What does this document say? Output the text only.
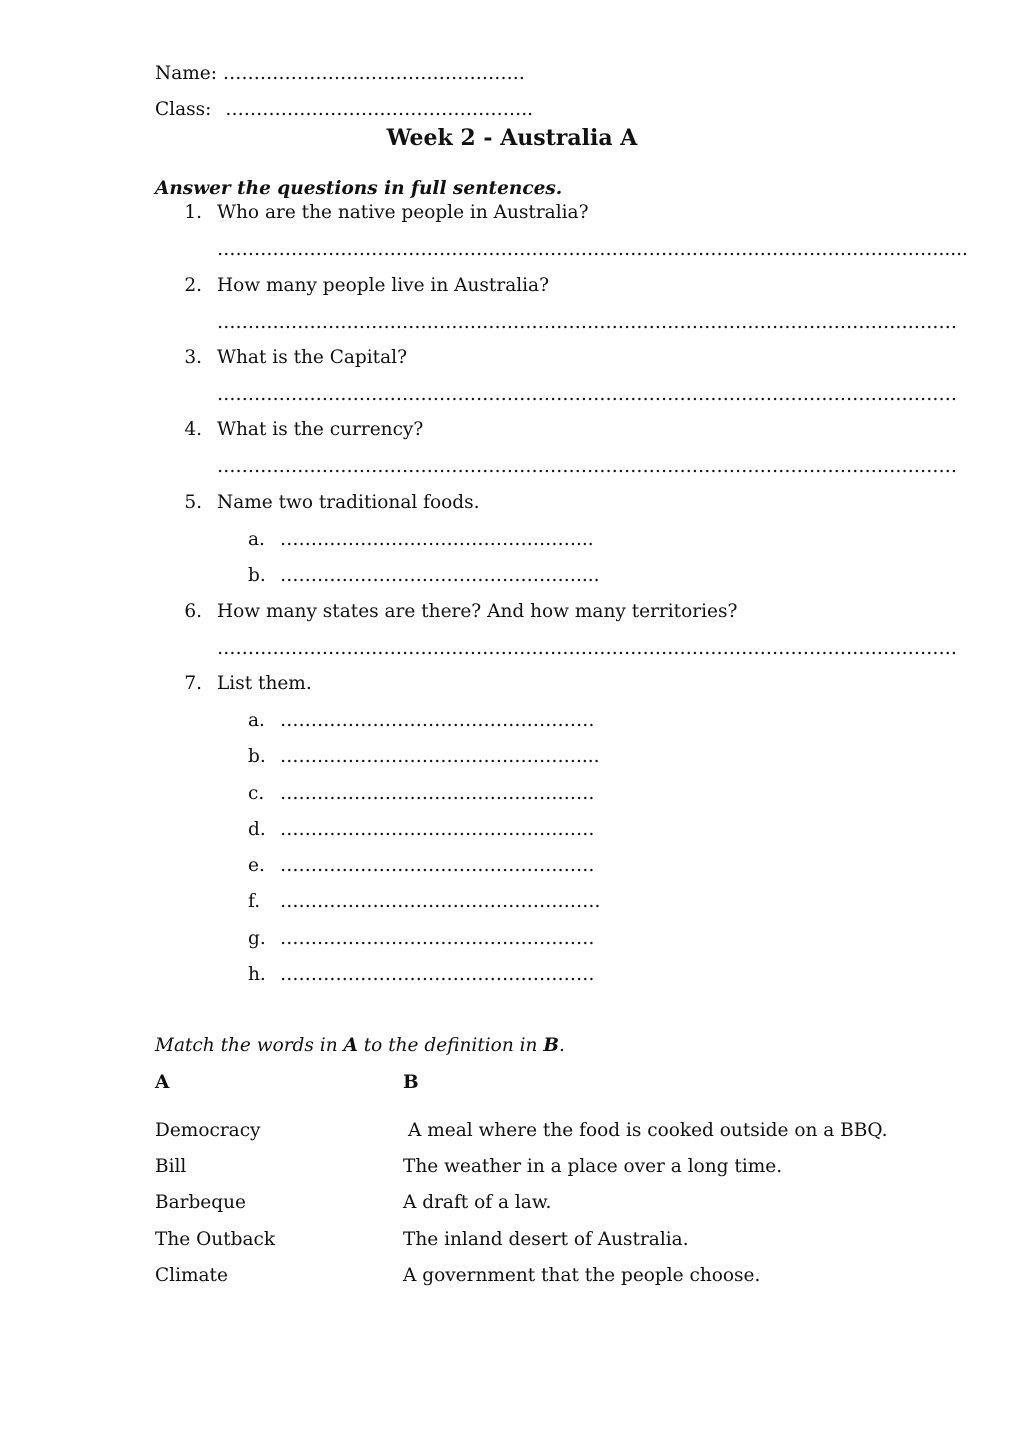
Name: ………………………………………….
Class: …………………………………………..
Week 2 - Australia A
Answer the questions in full sentences.
1. Who are the native people in Australia?
……………………………………………………………………………………………………….....
2. How many people live in Australia?
…………………………………………………………………………………………………………
3. What is the Capital?
…………………………………………………………………………………………………………
4. What is the currency?
…………………………………………………………………………………………………………
5. Name two traditional foods.
a. …………………………………………...
b. …………………………………………....
6. How many states are there? And how many territories?
…………………………………………………………………………………………………………
7. List them.
a. ……………………………………………
b. …………………………………………....
c. ……………………………………………
d. ……………………………………………
e. ……………………………………………
f. …………………………………………….
g. ……………………………………………
h. ……………………………………………
Match the words in A to the definition in B.
A	B
Democracy	A meal where the food is cooked outside on a BBQ.
Bill	The weather in a place over a long time.
Barbeque	A draft of a law.
The Outback	The inland desert of Australia.
Climate	A government that the people choose.
